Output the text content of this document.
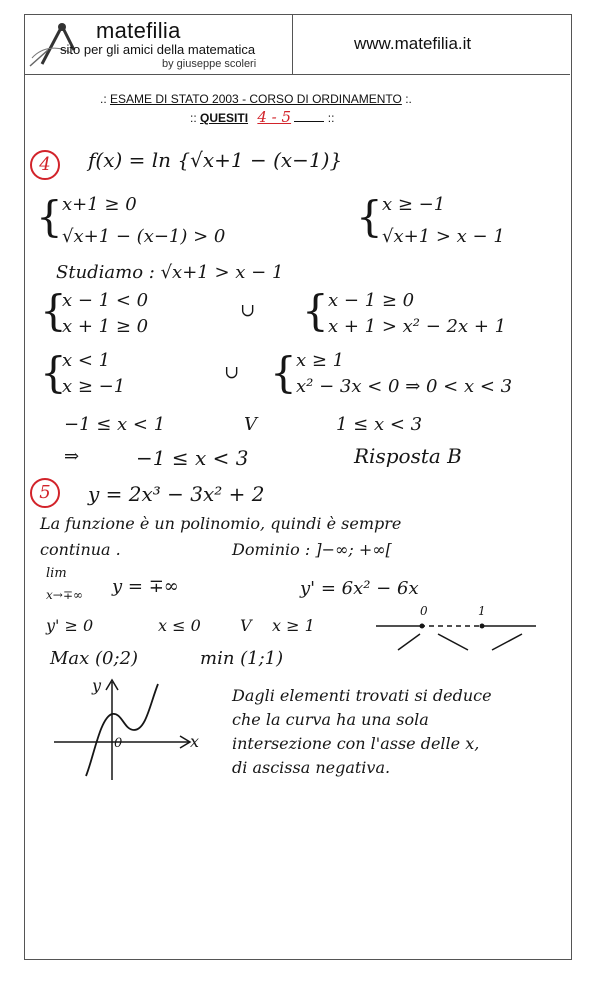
matefilia
sito per gli amici della matematica
by giuseppe scoleri
www.matefilia.it
.: ESAME DI STATO 2003 - CORSO DI ORDINAMENTO :.
:: QUESITI 4 - 5	::
4	f(x) = ln {√x+1 − (x−1)}
{ x+1 ≥ 0
√x+1 − (x−1) > 0	{ x ≥ −1
√x+1 > x − 1
Studiamo : √x+1 > x − 1
{
x − 1 < 0
x + 1 ≥ 0
∪ { x − 1 ≥ 0
x + 1 > x² − 2x + 1
{
x < 1
x ≥ −1
∪ { x ≥ 1
x² − 3x < 0 ⇒ 0 < x < 3
−1 ≤ x < 1	V	1 ≤ x < 3
⇒	−1 ≤ x < 3	Risposta B
5	y = 2x³ − 3x² + 2
La funzione è un polinomio, quindi è sempre
continua .	Dominio : ]−∞; +∞[
lim
x→∓∞ y = ∓∞	y' = 6x² − 6x
y' ≥ 0	x ≤ 0 V x ≥ 1
0	1
Max (0;2)	min (1;1)
y
x
0
Dagli elementi trovati si deduce
che la curva ha una sola
intersezione con l'asse delle x,
di ascissa negativa.
